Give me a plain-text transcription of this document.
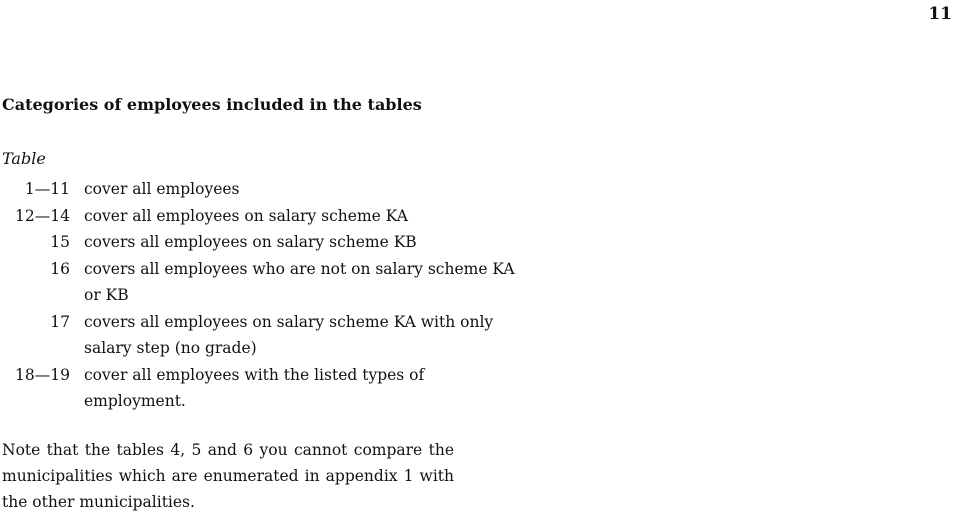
11
Categories of employees included in the tables
Table
1—11 cover all employees
12—14 cover all employees on salary scheme KA
15 covers all employees on salary scheme KB
16 covers all employees who are not on salary scheme KA or KB
17 covers all employees on salary scheme KA with only salary step (no grade)
18—19 cover all employees with the listed types of employment.
Note that the tables 4, 5 and 6 you cannot compare the municipalities which are enumerated in appendix 1 with the other municipalities.
